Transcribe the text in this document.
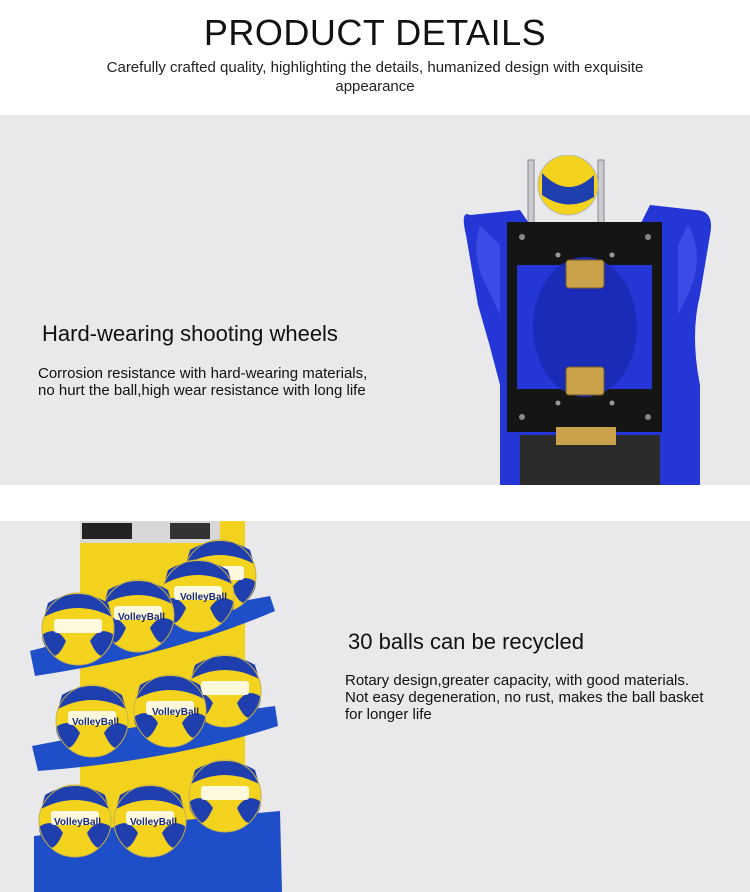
PRODUCT DETAILS

Carefully crafted quality, highlighting the details, humanized design with exquisite appearance

Hard-wearing shooting wheels
Corrosion resistance with hard-wearing materials,
no hurt the ball,high wear resistance with long life
30 balls can be recycled
Rotary design,greater capacity, with good materials.
Not easy degeneration, no rust, makes the ball basket
for longer life
VolleyBall
VolleyBall
VolleyBall
VolleyBall
VolleyBall
VolleyBall
